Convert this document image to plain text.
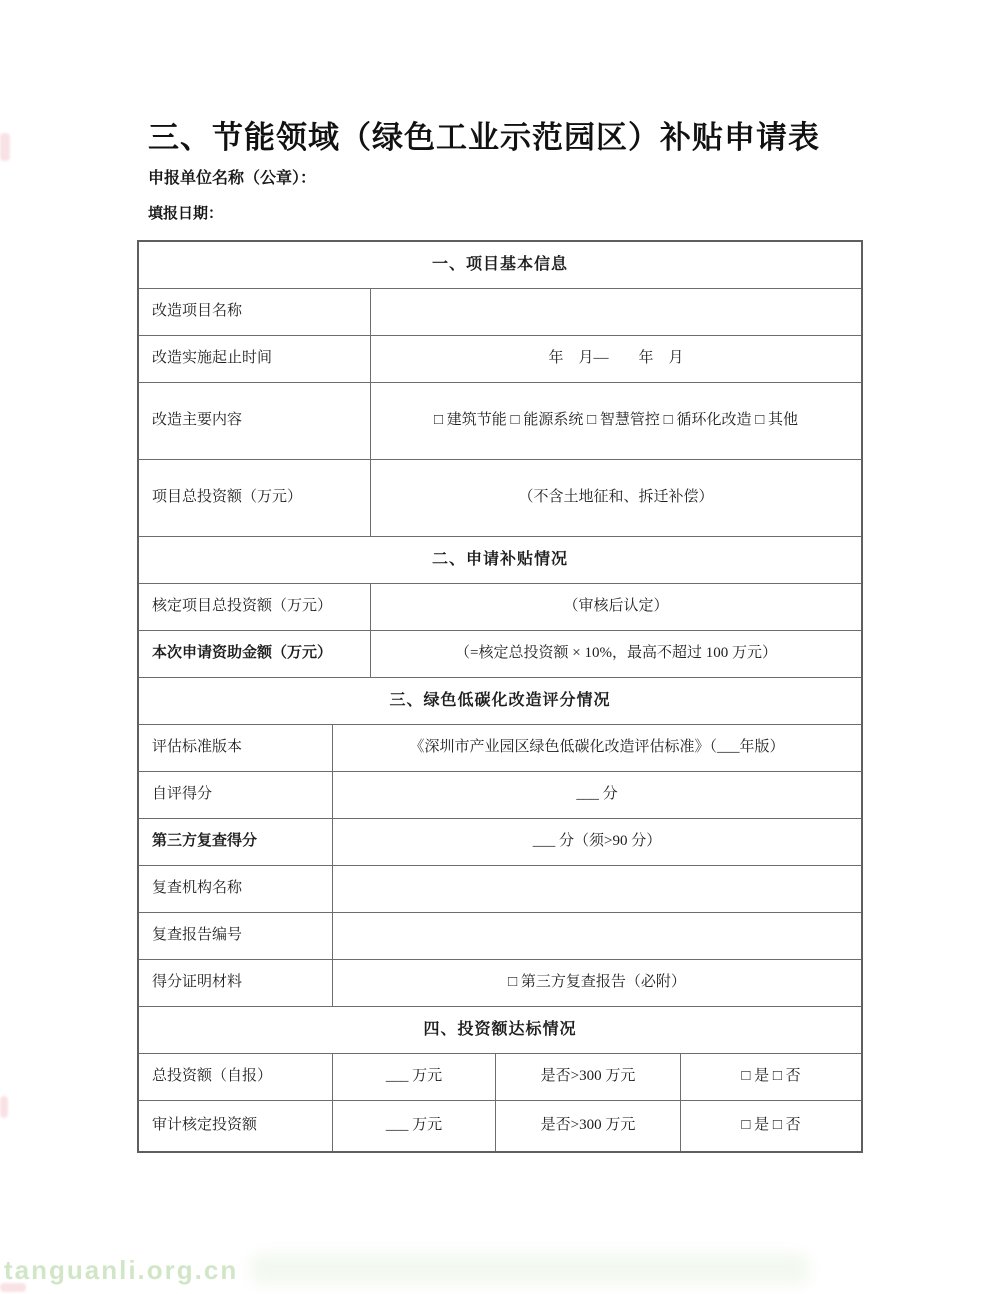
三、节能领域（绿色工业示范园区）补贴申请表
申报单位名称（公章）：
填报日期：
一、项目基本信息
改造项目名称
改造实施起止时间	年　月—　　年　月
改造主要内容	□ 建筑节能 □ 能源系统 □ 智慧管控 □ 循环化改造 □ 其他
项目总投资额（万元）	（不含土地征和、拆迁补偿）
二、申请补贴情况
核定项目总投资额（万元）	（审核后认定）
本次申请资助金额（万元）	（=核定总投资额 × 10%，最高不超过 100 万元）
三、绿色低碳化改造评分情况
评估标准版本	《深圳市产业园区绿色低碳化改造评估标准》（___年版）
自评得分	___ 分
第三方复查得分	___ 分（须>90 分）
复查机构名称
复查报告编号
得分证明材料	□ 第三方复查报告（必附）
四、投资额达标情况
总投资额（自报）	___ 万元	是否>300 万元	□ 是 □ 否
审计核定投资额	___ 万元	是否>300 万元	□ 是 □ 否
tanguanli.org.cn
